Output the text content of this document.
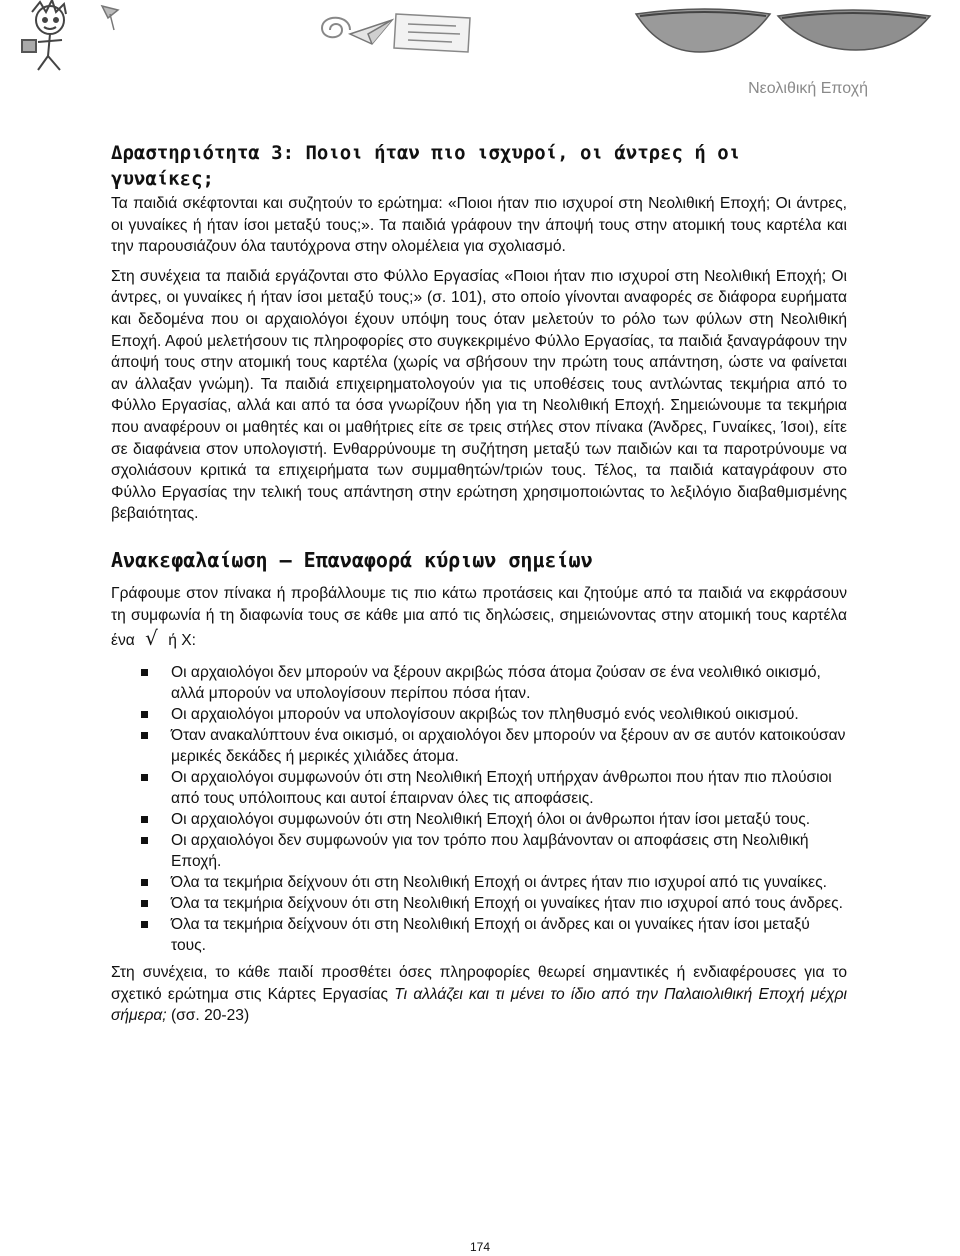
Νεολιθική Εποχή
Δραστηριότητα 3: Ποιοι ήταν πιο ισχυροί, οι άντρες ή οι γυναίκες;

Τα παιδιά σκέφτονται και συζητούν το ερώτημα: «Ποιοι ήταν πιο ισχυροί στη Νεολιθική Εποχή; Οι άντρες, οι γυναίκες ή ήταν ίσοι μεταξύ τους;». Τα παιδιά γράφουν την άποψή τους στην ατομική τους καρτέλα και την παρουσιάζουν όλα ταυτόχρονα στην ολομέλεια για σχολιασμό.

Στη συνέχεια τα παιδιά εργάζονται στο Φύλλο Εργασίας «Ποιοι ήταν πιο ισχυροί στη Νεολιθική Εποχή; Οι άντρες, οι γυναίκες ή ήταν ίσοι μεταξύ τους;» (σ. 101), στο οποίο γίνονται αναφορές σε διάφορα ευρήματα και δεδομένα που οι αρχαιολόγοι έχουν υπόψη τους όταν μελετούν το ρόλο των φύλων στη Νεολιθική Εποχή. Αφού μελετήσουν τις πληροφορίες στο συγκεκριμένο Φύλλο Εργασίας, τα παιδιά ξαναγράφουν την άποψή τους στην ατομική τους καρτέλα (χωρίς να σβήσουν την πρώτη τους απάντηση, ώστε να φαίνεται αν άλλαξαν γνώμη). Τα παιδιά επιχειρηματολογούν για τις υποθέσεις τους αντλώντας τεκμήρια από το Φύλλο Εργασίας, αλλά και από τα όσα γνωρίζουν ήδη για τη Νεολιθική Εποχή. Σημειώνουμε τα τεκμήρια που αναφέρουν οι μαθητές και οι μαθήτριες είτε σε τρεις στήλες στον πίνακα (Άνδρες, Γυναίκες, Ίσοι), είτε σε διαφάνεια στον υπολογιστή. Ενθαρρύνουμε τη συζήτηση μεταξύ των παιδιών και τα παροτρύνουμε να σχολιάσουν κριτικά τα επιχειρήματα των συμμαθητών/τριών τους. Τέλος, τα παιδιά καταγράφουν στο Φύλλο Εργασίας την τελική τους απάντηση στην ερώτηση χρησιμοποιώντας το λεξιλόγιο διαβαθμισμένης βεβαιότητας.

Ανακεφαλαίωση – Επαναφορά κύριων σημείων
Γράφουμε στον πίνακα ή προβάλλουμε τις πιο κάτω προτάσεις και ζητούμε από τα παιδιά να εκφράσουν τη συμφωνία ή τη διαφωνία τους σε κάθε μια από τις δηλώσεις, σημειώνοντας στην ατομική τους καρτέλα ένα √ ή Χ:
Οι αρχαιολόγοι δεν μπορούν να ξέρουν ακριβώς πόσα άτομα ζούσαν σε ένα νεολιθικό οικισμό, αλλά μπορούν να υπολογίσουν περίπου πόσα ήταν.
Οι αρχαιολόγοι μπορούν να υπολογίσουν ακριβώς τον πληθυσμό ενός νεολιθικού οικισμού.
Όταν ανακαλύπτουν ένα οικισμό, οι αρχαιολόγοι δεν μπορούν να ξέρουν αν σε αυτόν κατοικούσαν μερικές δεκάδες ή μερικές χιλιάδες άτομα.
Οι αρχαιολόγοι συμφωνούν ότι στη Νεολιθική Εποχή υπήρχαν άνθρωποι που ήταν πιο πλούσιοι από τους υπόλοιπους και αυτοί έπαιρναν όλες τις αποφάσεις.
Οι αρχαιολόγοι συμφωνούν ότι στη Νεολιθική Εποχή όλοι οι άνθρωποι ήταν ίσοι μεταξύ τους.
Οι αρχαιολόγοι δεν συμφωνούν για τον τρόπο που λαμβάνονταν οι αποφάσεις στη Νεολιθική Εποχή.
Όλα τα τεκμήρια δείχνουν ότι στη Νεολιθική Εποχή οι άντρες ήταν πιο ισχυροί από τις γυναίκες.
Όλα τα τεκμήρια δείχνουν ότι στη Νεολιθική Εποχή οι γυναίκες ήταν πιο ισχυροί από τους άνδρες.
Όλα τα τεκμήρια δείχνουν ότι στη Νεολιθική Εποχή οι άνδρες και οι γυναίκες ήταν ίσοι μεταξύ τους.
Στη συνέχεια, το κάθε παιδί προσθέτει όσες πληροφορίες θεωρεί σημαντικές ή ενδιαφέρουσες για το σχετικό ερώτημα στις Κάρτες Εργασίας Τι αλλάζει και τι μένει το ίδιο από την Παλαιολιθική Εποχή μέχρι σήμερα; (σσ. 20-23)
174
